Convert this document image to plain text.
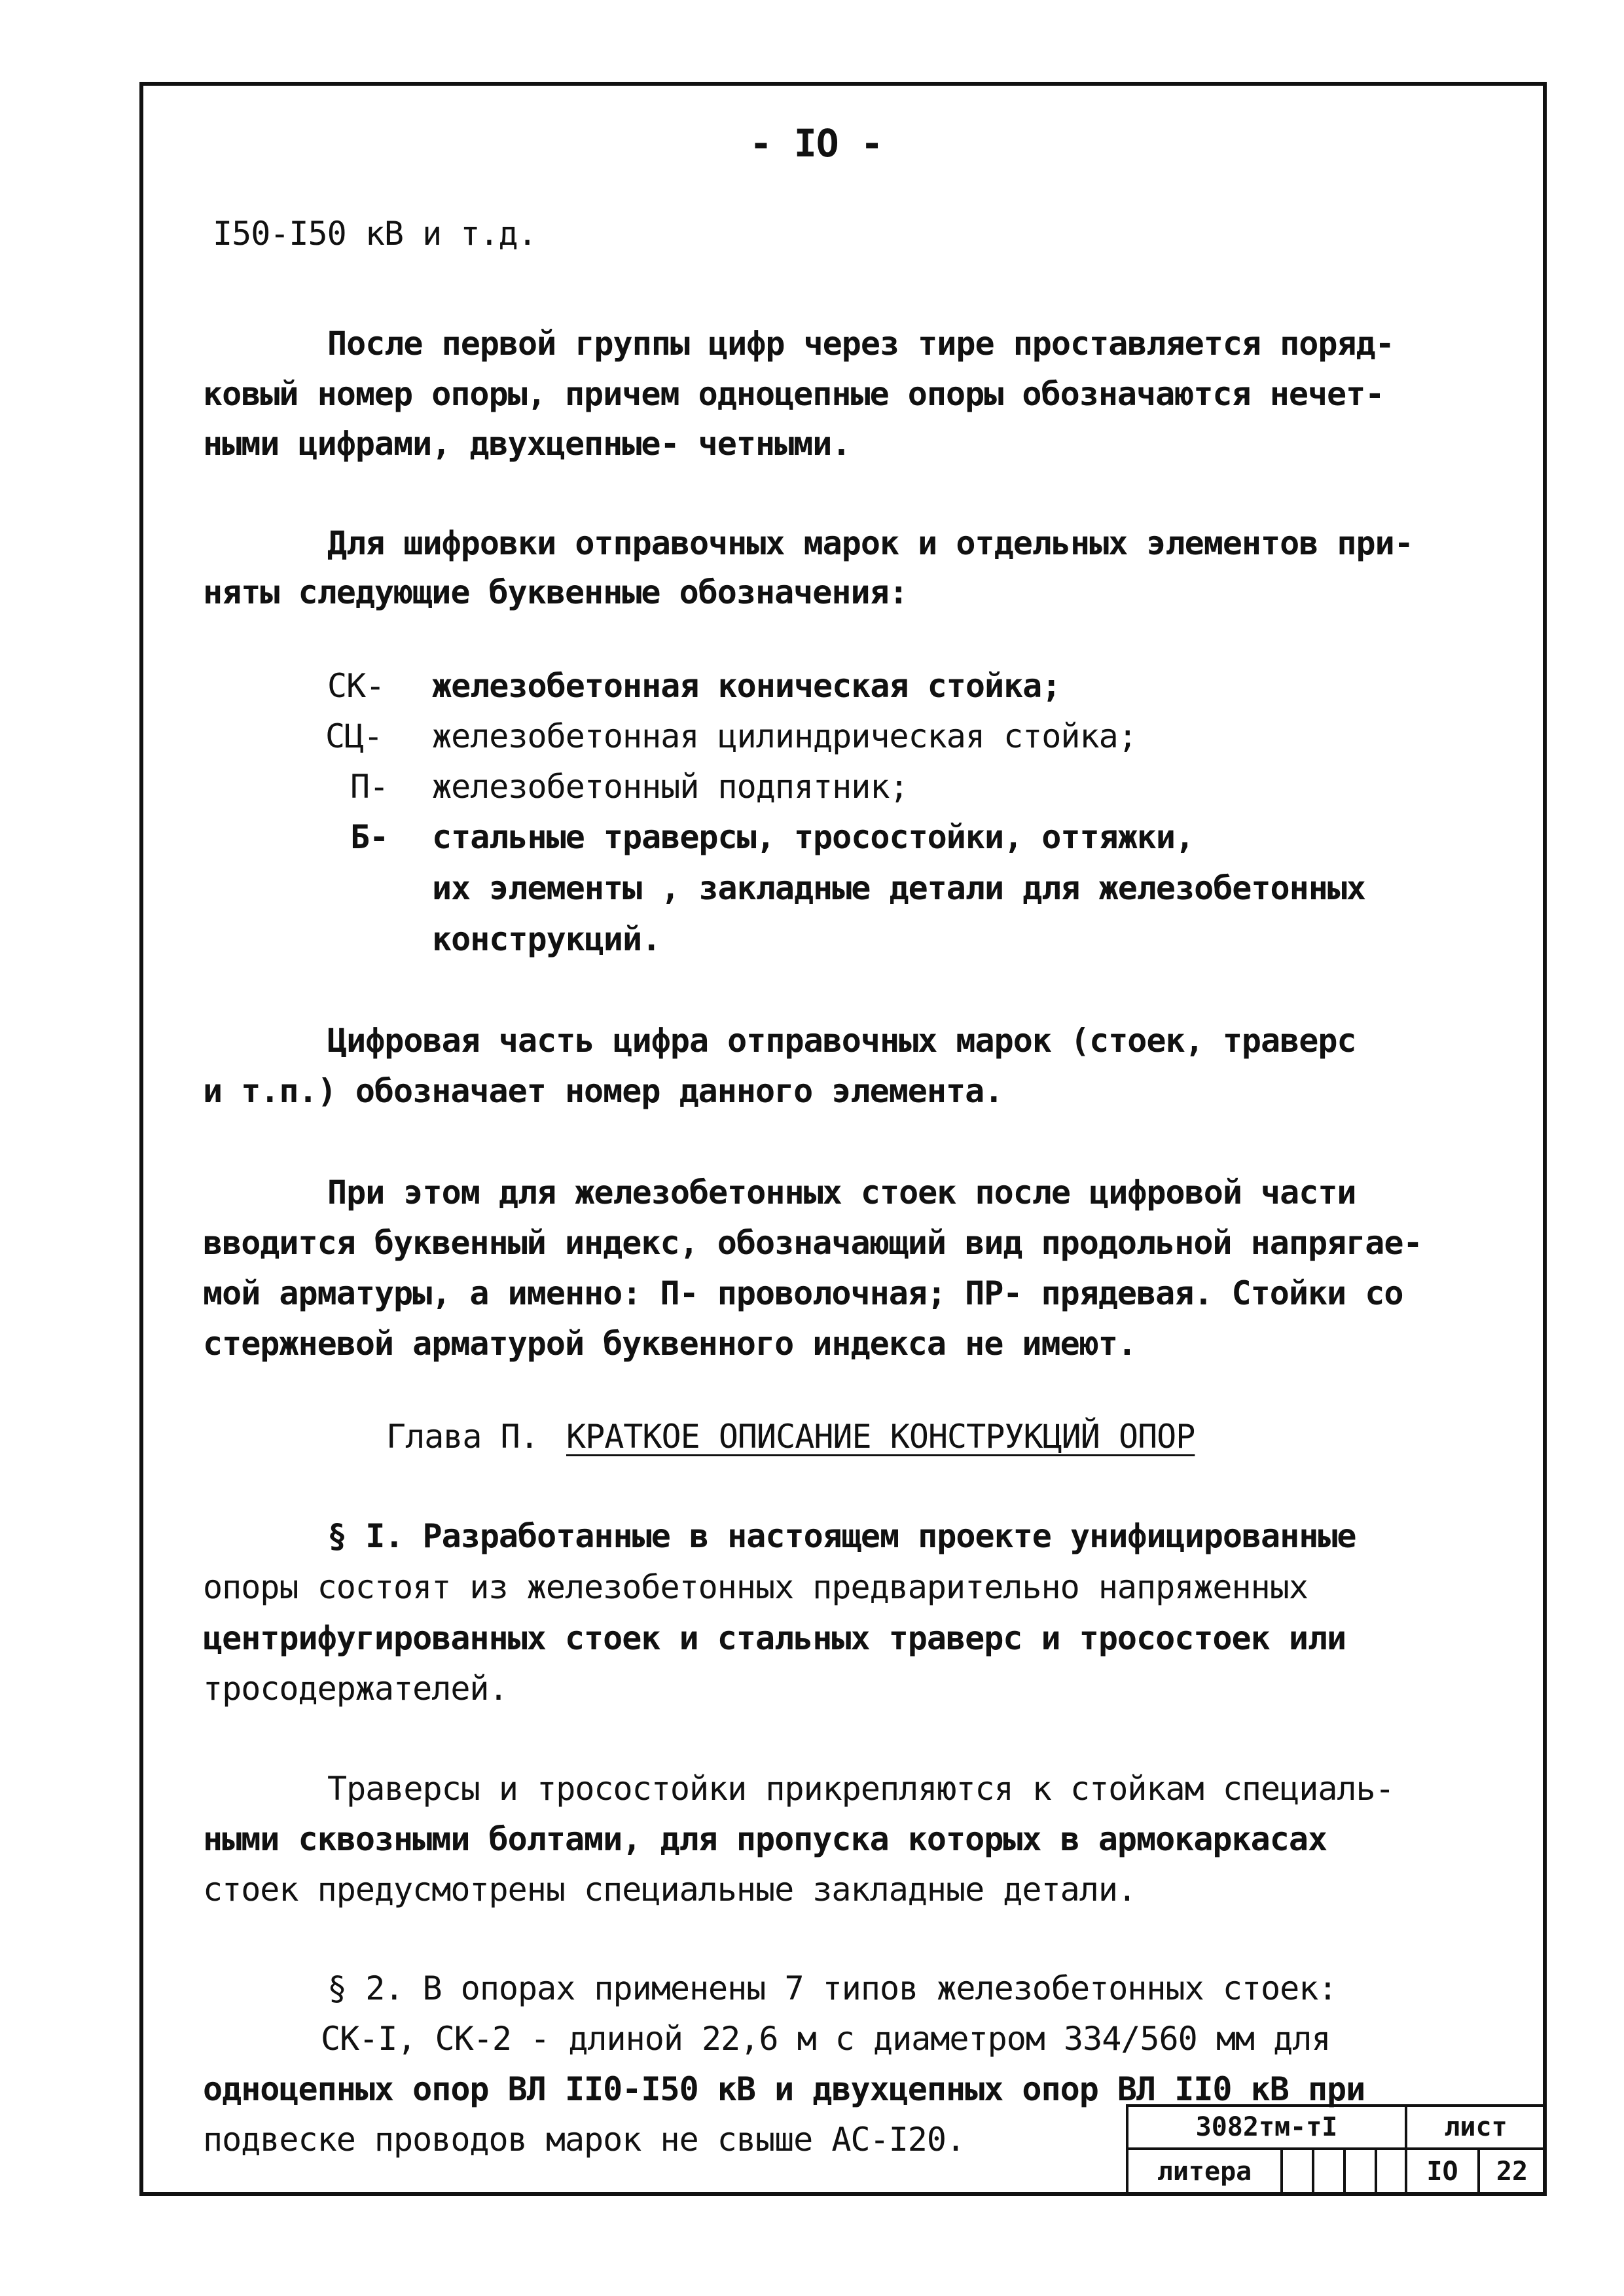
- IO -
I50-I50 кВ и т.д.
После первой группы цифр через тире проставляется поряд-
ковый номер опоры, причем одноцепные опоры обозначаются нечет-
ными цифрами, двухцепные- четными.
Для шифровки отправочных марок и отдельных элементов при-
няты следующие буквенные обозначения:
СК- железобетонная коническая стойка;
СЦ- железобетонная цилиндрическая стойка;
П- железобетонный подпятник;
Б- стальные траверсы, тросостойки, оттяжки,
их элементы , закладные детали для железобетонных
конструкций.
Цифровая часть цифра отправочных марок (стоек, траверс
и т.п.) обозначает номер данного элемента.
При этом для железобетонных стоек после цифровой части
вводится буквенный индекс, обозначающий вид продольной напрягае-
мой арматуры, а именно: П- проволочная; ПР- прядевая. Стойки со
стержневой арматурой буквенного индекса не имеют.
Глава П. КРАТКОЕ ОПИСАНИЕ КОНСТРУКЦИЙ ОПОР
§ I. Разработанные в настоящем проекте унифицированные
опоры состоят из железобетонных предварительно напряженных
центрифугированных стоек и стальных траверс и тросостоек или
тросодержателей.
Траверсы и тросостойки прикрепляются к стойкам специаль-
ными сквозными болтами, для пропуска которых в армокаркасах
стоек предусмотрены специальные закладные детали.
§ 2. В опорах применены 7 типов железобетонных стоек:
СК-I, СК-2 - длиной 22,6 м с диаметром 334/560 мм для
одноцепных опор ВЛ II0-I50 кВ и двухцепных опор ВЛ II0 кВ при
подвеске проводов марок не свыше АС-I20.	3082тм-тI	лист
литера	IO	22
